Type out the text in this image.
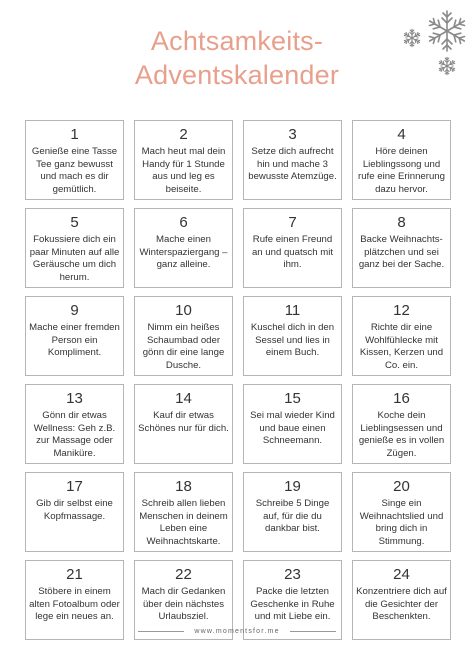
Achtsamkeits-
Adventskalender
1
Genieße eine Tasse Tee ganz bewusst und mach es dir gemütlich.
2
Mach heut mal dein Handy für 1 Stunde aus und leg es beiseite.
3
Setze dich aufrecht hin und mache 3 bewusste Atemzüge.
4
Höre deinen Lieblingssong und rufe eine Erinnerung dazu hervor.
5
Fokussiere dich ein paar Minuten auf alle Geräusche um dich herum.
6
Mache einen Winterspaziergang – ganz alleine.
7
Rufe einen Freund an und quatsch mit ihm.
8
Backe Weihnachts-plätzchen und sei ganz bei der Sache.
9
Mache einer fremden Person ein Kompliment.
10
Nimm ein heißes Schaumbad oder gönn dir eine lange Dusche.
11
Kuschel dich in den Sessel und lies in einem Buch.
12
Richte dir eine Wohlfühlecke mit Kissen, Kerzen und Co. ein.
13
Gönn dir etwas Wellness: Geh z.B. zur Massage oder Maniküre.
14
Kauf dir etwas Schönes nur für dich.
15
Sei mal wieder Kind und baue einen Schneemann.
16
Koche dein Lieblingsessen und genieße es in vollen Zügen.
17
Gib dir selbst eine Kopfmassage.
18
Schreib allen lieben Menschen in deinem Leben eine Weihnachtskarte.
19
Schreibe 5 Dinge auf, für die du dankbar bist.
20
Singe ein Weihnachtslied und bring dich in Stimmung.
21
Stöbere in einem alten Fotoalbum oder lege ein neues an.
22
Mach dir Gedanken über dein nächstes Urlaubsziel.
23
Packe die letzten Geschenke in Ruhe und mit Liebe ein.
24
Konzentriere dich auf die Gesichter der Beschenkten.
www.momentsfor.me
